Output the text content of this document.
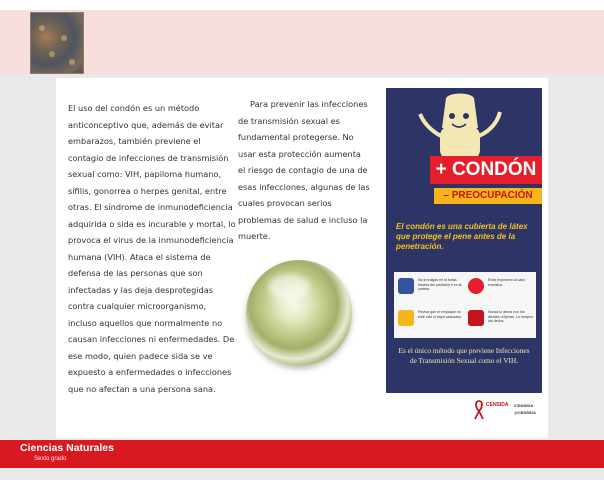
El uso del condón es un método anticonceptivo que, además de evitar embarazos, también previene el contagio de infecciones de transmisión sexual como: VIH, papiloma humano, sífilis, gonorrea o herpes genital, entre otras. El síndrome de inmunodeficiencia adquirida o sida es incurable y mortal, lo provoca el virus de la inmunodeficiencia humana (VIH). Ataca el sistema de defensa de las personas que son infectadas y las deja desprotegidas contra cualquier microorganismo, incluso aquellos que normalmente no causan infecciones ni enfermedades. De ese modo, quien padece sida se ve expuesto a enfermedades o infecciones que no afectan a una persona sana.

Para prevenir las infecciones de transmisión sexual es fundamental protegerse. No usar esta protección aumenta el riesgo de contagio de una de esas infecciones, algunas de las cuales provocan serios problemas de salud e incluso la muerte.

+ CONDÓN
– PREOCUPACIÓN
El condón es una cubierta de látex que protege el pene antes de la penetración.
No lo traigas en la bolsa trasera del pantalón o en la cartera.
Evita exponerlo al calor excesivo.
Revisa que el empaque no esté roto ni haya caducado.
Nunca lo abras con los dientes ni tijeras. Lo rompen los dedos.
Es el único método que previene Infecciones de Transmisión Sexual como el VIH.
CENSIDA /CENSIDA
@CENSIDA
Ciencias Naturales
Sexto grado
